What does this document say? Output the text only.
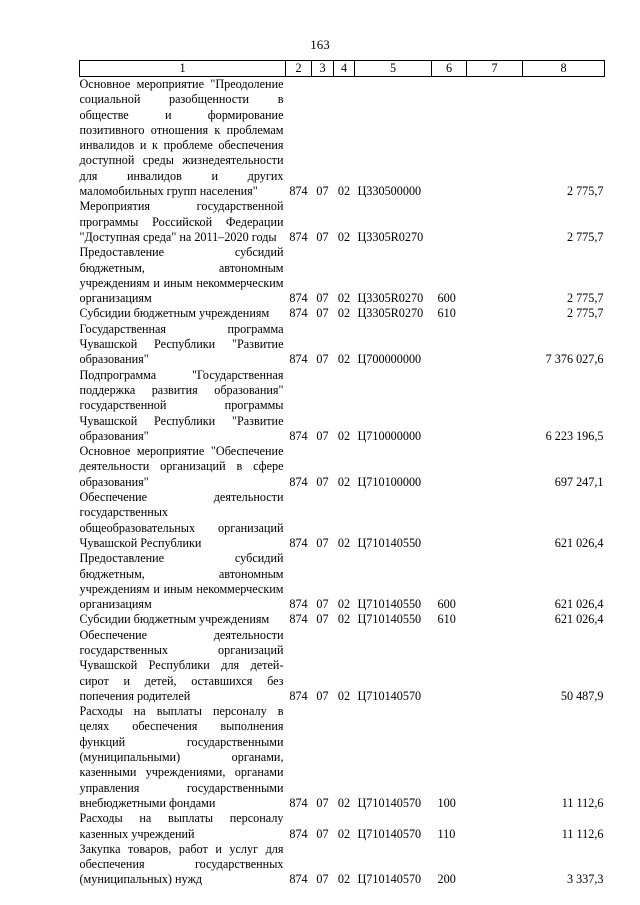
163
1	2	3	4	5	6	7	8
Основное мероприятие "Преодоление социальной разобщенности в обществе и формирование позитивного отношения к проблемам инвалидов и к проблеме обеспечения доступной среды жизнедеятельности для инвалидов и других маломобильных групп населения"	874	07	02	Ц330500000			2 775,7
Мероприятия государственной программы Российской Федерации "Доступная среда" на 2011–2020 годы	874	07	02	Ц3305R0270			2 775,7
Предоставление субсидий бюджетным, автономным учреждениям и иным некоммерческим организациям	874	07	02	Ц3305R0270	600		2 775,7
Субсидии бюджетным учреждениям	874	07	02	Ц3305R0270	610		2 775,7
Государственная программа Чувашской Республики "Развитие образования"	874	07	02	Ц700000000			7 376 027,6
Подпрограмма "Государственная поддержка развития образования" государственной программы Чувашской Республики "Развитие образования"	874	07	02	Ц710000000			6 223 196,5
Основное мероприятие "Обеспечение деятельности организаций в сфере образования"	874	07	02	Ц710100000			697 247,1
Обеспечение деятельности государственных общеобразовательных организаций Чувашской Республики	874	07	02	Ц710140550			621 026,4
Предоставление субсидий бюджетным, автономным учреждениям и иным некоммерческим организациям	874	07	02	Ц710140550	600		621 026,4
Субсидии бюджетным учреждениям	874	07	02	Ц710140550	610		621 026,4
Обеспечение деятельности государственных организаций Чувашской Республики для детей-сирот и детей, оставшихся без попечения родителей	874	07	02	Ц710140570			50 487,9
Расходы на выплаты персоналу в целях обеспечения выполнения функций государственными (муниципальными) органами, казенными учреждениями, органами управления государственными внебюджетными фондами	874	07	02	Ц710140570	100		11 112,6
Расходы на выплаты персоналу казенных учреждений	874	07	02	Ц710140570	110		11 112,6
Закупка товаров, работ и услуг для обеспечения государственных (муниципальных) нужд	874	07	02	Ц710140570	200		3 337,3
